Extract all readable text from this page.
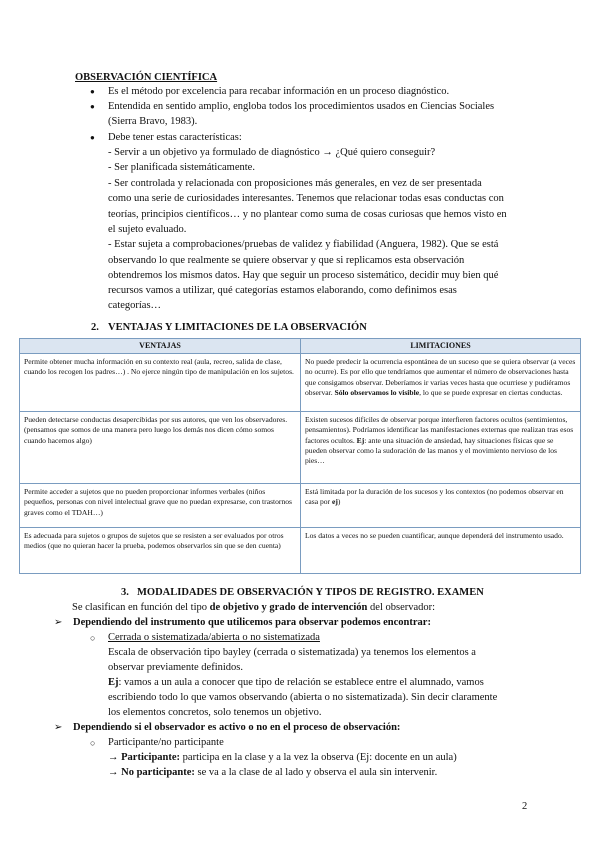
OBSERVACIÓN CIENTÍFICA
● Es el método por excelencia para recabar información en un proceso diagnóstico.
● Entendida en sentido amplio, engloba todos los procedimientos usados en Ciencias Sociales
(Sierra Bravo, 1983).
● Debe tener estas características:
- Servir a un objetivo ya formulado de diagnóstico → ¿Qué quiero conseguir?
- Ser planificada sistemáticamente.
- Ser controlada y relacionada con proposiciones más generales, en vez de ser presentada
como una serie de curiosidades interesantes. Tenemos que relacionar todas esas conductas con
teorías, principios científicos… y no plantear como suma de cosas curiosas que hemos visto en
el sujeto evaluado.
- Estar sujeta a comprobaciones/pruebas de validez y fiabilidad (Anguera, 1982). Que se está
observando lo que realmente se quiere observar y que si replicamos esta observación
obtendremos los mismos datos. Hay que seguir un proceso sistemático, decidir muy bien qué
recursos vamos a utilizar, qué categorías estamos elaborando, como definimos esas
categorías…
2. VENTAJAS Y LIMITACIONES DE LA OBSERVACIÓN
VENTAJAS	LIMITACIONES
Permite obtener mucha información en su contexto real (aula, recreo, salida de clase, cuando los recogen los padres…) . No ejerce ningún tipo de manipulación en los sujetos.	No puede predecir la ocurrencia espontánea de un suceso que se quiera observar (a veces no ocurre). Es por ello que tendríamos que aumentar el número de observaciones hasta que consigamos observar. Deberíamos ir varias veces hasta que ocurriese y pudiéramos observar. Sólo observamos lo visible, lo que se puede expresar en ciertas conductas.
Pueden detectarse conductas desapercibidas por sus autores, que ven los observadores. (pensamos que somos de una manera pero luego los demás nos dicen cómo somos cuando hacemos algo)	Existen sucesos difíciles de observar porque interfieren factores ocultos (sentimientos, pensamientos). Podríamos identificar las manifestaciones externas que realizan tras esos factores ocultos. Ej: ante una situación de ansiedad, hay situaciones físicas que se pueden observar como la sudoración de las manos y el movimiento nervioso de los pies…
Permite acceder a sujetos que no pueden proporcionar informes verbales (niños pequeños, personas con nivel intelectual grave que no puedan expresarse, con trastornos graves como el TDAH…)	Está limitada por la duración de los sucesos y los contextos (no podemos observar en casa por ej)
Es adecuada para sujetos o grupos de sujetos que se resisten a ser evaluados por otros medios (que no quieran hacer la prueba, podemos observarlos sin que se den cuenta)	Los datos a veces no se pueden cuantificar, aunque dependerá del instrumento usado.
3. MODALIDADES DE OBSERVACIÓN Y TIPOS DE REGISTRO. EXAMEN
Se clasifican en función del tipo de objetivo y grado de intervención del observador:
➢ Dependiendo del instrumento que utilicemos para observar podemos encontrar:
○ Cerrada o sistematizada/abierta o no sistematizada
Escala de observación tipo bayley (cerrada o sistematizada) ya tenemos los elementos a
observar previamente definidos.
Ej: vamos a un aula a conocer que tipo de relación se establece entre el alumnado, vamos
escribiendo todo lo que vamos observando (abierta o no sistematizada). Sin decir claramente
los elementos concretos, solo tenemos un objetivo.
➢ Dependiendo si el observador es activo o no en el proceso de observación:
○ Participante/no participante
→ Participante: participa en la clase y a la vez la observa (Ej: docente en un aula)
→ No participante: se va a la clase de al lado y observa el aula sin intervenir.
2
